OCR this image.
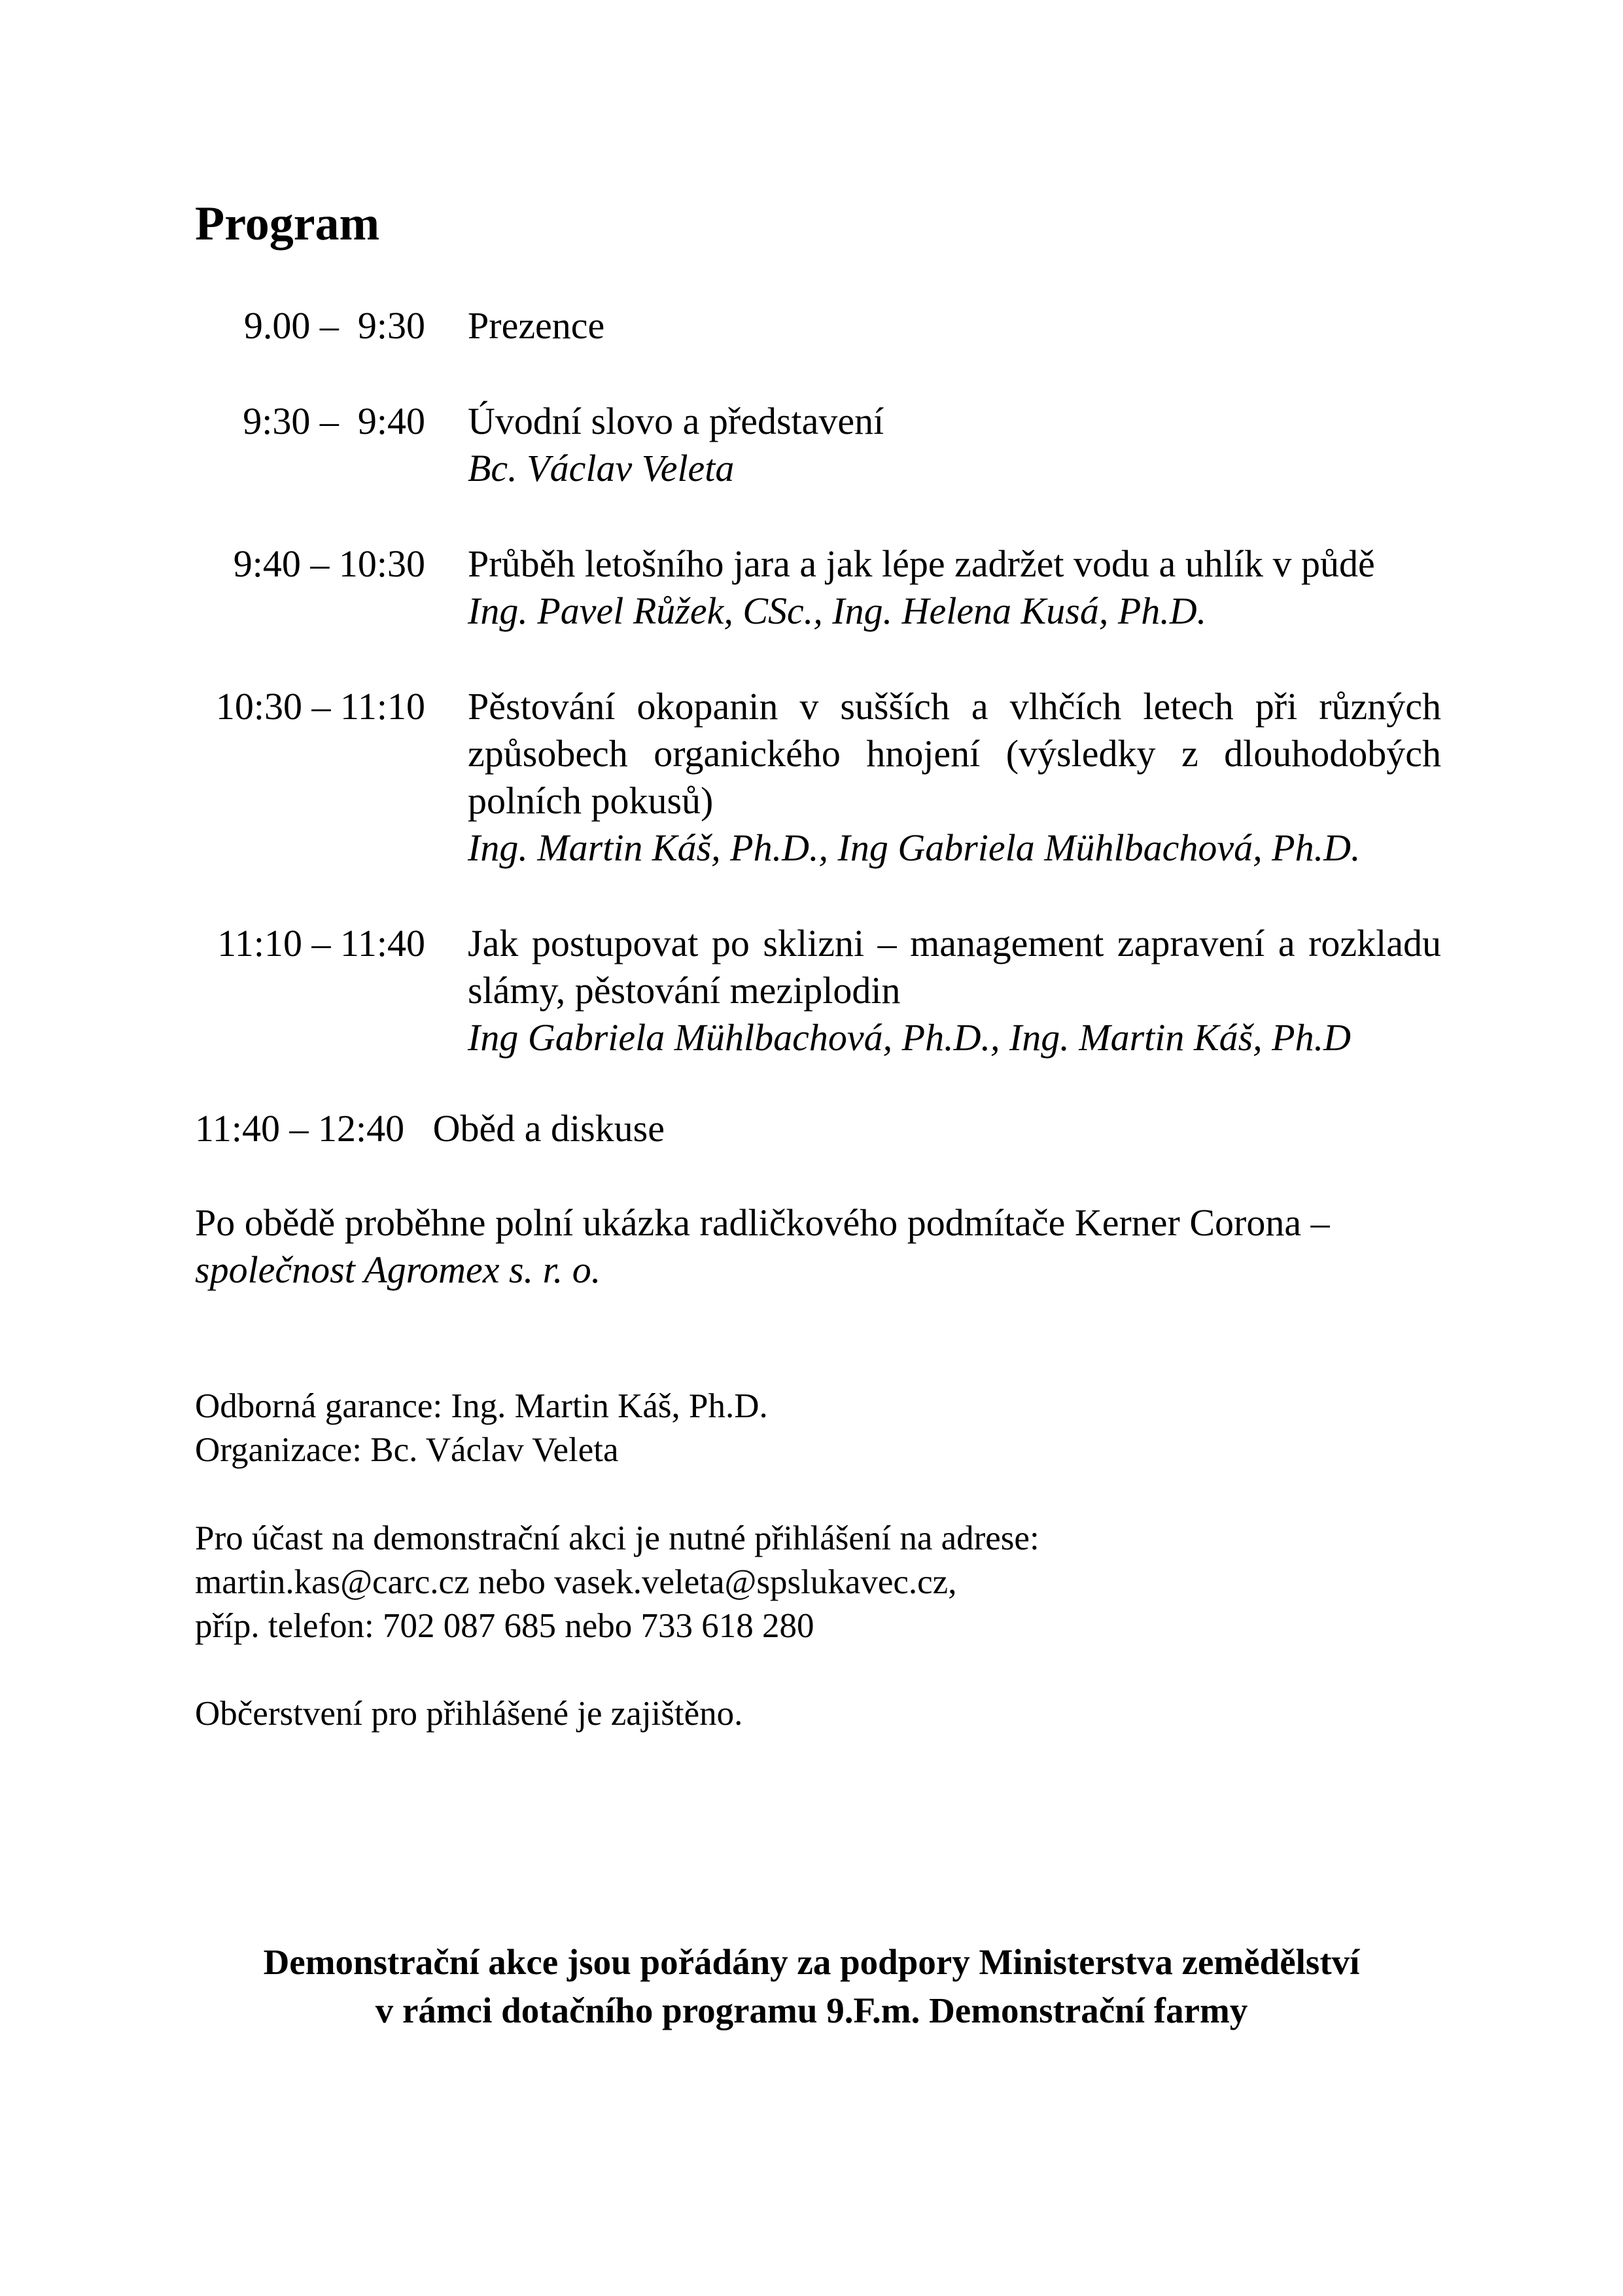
Program
9.00 –  9:30 Prezence
9:30 –  9:40 Úvodní slovo a představení
Bc. Václav Veleta
9:40 – 10:30 Průběh letošního jara a jak lépe zadržet vodu a uhlík v půdě
Ing. Pavel Růžek, CSc., Ing. Helena Kusá, Ph.D.
10:30 – 11:10 Pěstování okopanin v sušších a vlhčích letech při různých způsobech organického hnojení (výsledky z dlouhodobých polních pokusů)
Ing. Martin Káš, Ph.D., Ing Gabriela Mühlbachová, Ph.D.
11:10 – 11:40 Jak postupovat po sklizni – management zapravení a rozkladu slámy, pěstování meziplodin
Ing Gabriela Mühlbachová, Ph.D., Ing. Martin Káš, Ph.D
11:40 – 12:40 Oběd a diskuse
Po obědě proběhne polní ukázka radličkového podmítače Kerner Corona –
společnost Agromex s. r. o.
Odborná garance: Ing. Martin Káš, Ph.D.
Organizace: Bc. Václav Veleta
Pro účast na demonstrační akci je nutné přihlášení na adrese:
martin.kas@carc.cz nebo vasek.veleta@spslukavec.cz,
příp. telefon: 702 087 685 nebo 733 618 280
Občerstvení pro přihlášené je zajištěno.
Demonstrační akce jsou pořádány za podpory Ministerstva zemědělství
v rámci dotačního programu 9.F.m. Demonstrační farmy
